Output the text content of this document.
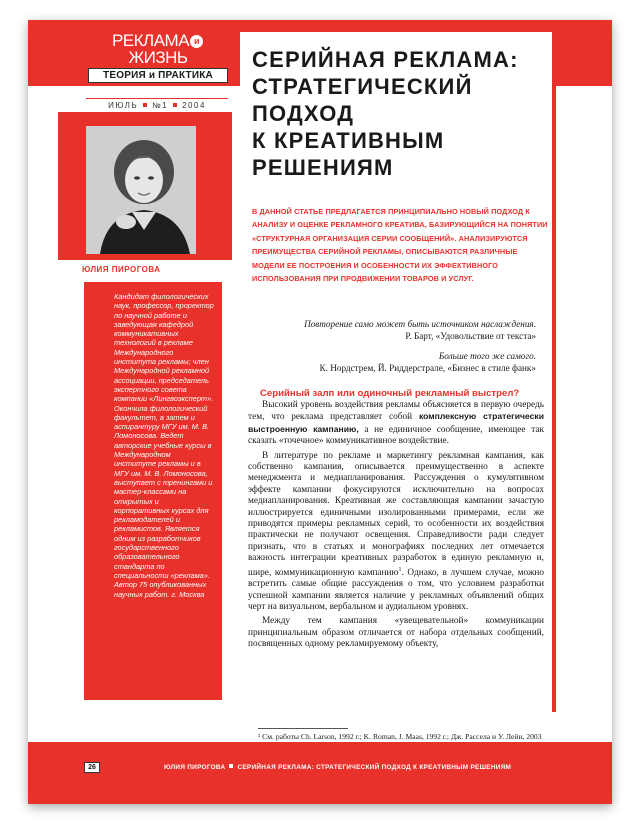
РЕКЛАМА иЖИЗНЬ
ТЕОРИЯ и ПРАКТИКА
СЕРИЙНАЯ РЕКЛАМА:
СТРАТЕГИЧЕСКИЙ ПОДХОД
К КРЕАТИВНЫМ
РЕШЕНИЯМ
ИЮЛЬ №1 2004
ЮЛИЯ ПИРОГОВА

Кандидат филологических наук, профессор, проректор по научной работе и заведующая кафедрой коммуникативных технологий в рекламе Международного института рекламы; член Международной рекламной ассоциации, председатель экспертного совета компании «Лингвоэксперт». Окончила филологический факультет, а затем и аспирантуру МГУ им. М. В. Ломоносова. Ведет авторские учебные курсы в Международном институте рекламы и в МГУ им. М. В. Ломоносова, выступает с тренингами и мастер-классами на открытых и корпоративных курсах для рекламодателей и рекламистов. Является одним из разработчиков государственного образовательного стандарта по специальности «реклама». Автор 75 опубликованных научных работ. г. Москва

В ДАННОЙ СТАТЬЕ ПРЕДЛАГАЕТСЯ ПРИНЦИПИАЛЬНО НОВЫЙ ПОДХОД К АНАЛИЗУ И ОЦЕНКЕ РЕКЛАМНОГО КРЕАТИВА, БАЗИРУЮЩИЙСЯ НА ПОНЯТИИ «СТРУКТУРНАЯ ОРГАНИЗАЦИЯ СЕРИИ СООБЩЕНИЙ». АНАЛИЗИРУЮТСЯ ПРЕИМУЩЕСТВА СЕРИЙНОЙ РЕКЛАМЫ, ОПИСЫВАЮТСЯ РАЗЛИЧНЫЕ МОДЕЛИ ЕЕ ПОСТРОЕНИЯ И ОСОБЕННОСТИ ИХ ЭФФЕКТИВНОГО ИСПОЛЬЗОВАНИЯ ПРИ ПРОДВИЖЕНИИ ТОВАРОВ И УСЛУГ.
Повторение само может быть источником наслаждения.
Р. Барт, «Удовольствие от текста»
Больше того же самого.
К. Нордстрем, Й. Риддерстрале, «Бизнес в стиле фанк»
Серийный залп или одиночный рекламный выстрел?

Высокий уровень воздействия рекламы объясняется в первую очередь тем, что реклама представляет собой комплексную стратегически выстроенную кампанию, а не единичное сообщение, имеющее так сказать «точечное» коммуникативное воздействие.

В литературе по рекламе и маркетингу рекламная кампания, как собственно кампания, описывается преимущественно в аспекте менеджмента и медиапланирования. Рассуждения о кумулятивном эффекте кампании фокусируются исключительно на вопросах медиапланирования. Креативная же составляющая кампании зачастую иллюстрируется единичными изолированными примерами, если же приводятся примеры рекламных серий, то особенности их воздействия практически не получают освещения. Справедливости ради следует признать, что в статьях и монографиях последних лет отмечается важность интеграции креативных разработок в единую рекламную и, шире, коммуникационную кампанию$^1$. Однако, в лучшем случае, можно встретить самые общие рассуждения о том, что условием разработки успешной кампании является наличие у рекламных объявлений общих черт на визуальном, вербальном и аудиальном уровнях.

Между тем кампания «увещевательной» коммуникации принципиальным образом отличается от набора отдельных сообщений, посвященных одному рекламируемому объекту,

¹ См. работы Ch. Larson, 1992 г.; K. Roman, J. Maas, 1992 г.; Дж. Рассела и У. Лейн, 2003
26	ЮЛИЯ ПИРОГОВА СЕРИЙНАЯ РЕКЛАМА: СТРАТЕГИЧЕСКИЙ ПОДХОД К КРЕАТИВНЫМ РЕШЕНИЯМ
